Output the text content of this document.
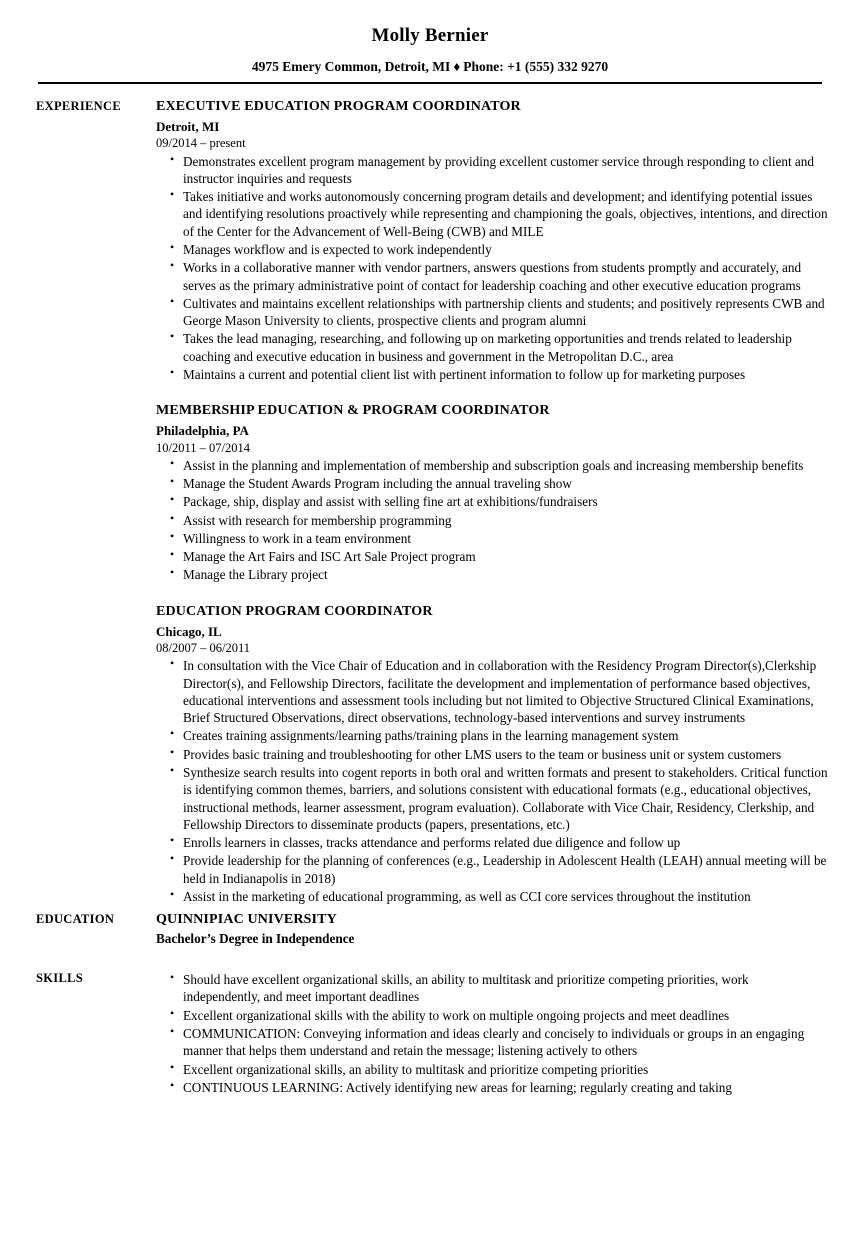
Molly Bernier
4975 Emery Common, Detroit, MI ♦ Phone: +1 (555) 332 9270
EXPERIENCE	EXECUTIVE EDUCATION PROGRAM COORDINATOR
Detroit, MI
09/2014 – present
• Demonstrates excellent program management by providing excellent customer service through responding to client and instructor inquiries and requests
• Takes initiative and works autonomously concerning program details and development; and identifying potential issues and identifying resolutions proactively while representing and championing the goals, objectives, intentions, and direction of the Center for the Advancement of Well-Being (CWB) and MILE
• Manages workflow and is expected to work independently
• Works in a collaborative manner with vendor partners, answers questions from students promptly and accurately, and serves as the primary administrative point of contact for leadership coaching and other executive education programs
• Cultivates and maintains excellent relationships with partnership clients and students; and positively represents CWB and George Mason University to clients, prospective clients and program alumni
• Takes the lead managing, researching, and following up on marketing opportunities and trends related to leadership coaching and executive education in business and government in the Metropolitan D.C., area
• Maintains a current and potential client list with pertinent information to follow up for marketing purposes
MEMBERSHIP EDUCATION & PROGRAM COORDINATOR
Philadelphia, PA
10/2011 – 07/2014
• Assist in the planning and implementation of membership and subscription goals and increasing membership benefits
• Manage the Student Awards Program including the annual traveling show
• Package, ship, display and assist with selling fine art at exhibitions/fundraisers
• Assist with research for membership programming
• Willingness to work in a team environment
• Manage the Art Fairs and ISC Art Sale Project program
• Manage the Library project
EDUCATION PROGRAM COORDINATOR
Chicago, IL
08/2007 – 06/2011
• In consultation with the Vice Chair of Education and in collaboration with the Residency Program Director(s),Clerkship Director(s), and Fellowship Directors, facilitate the development and implementation of performance based objectives, educational interventions and assessment tools including but not limited to Objective Structured Clinical Examinations, Brief Structured Observations, direct observations, technology-based interventions and survey instruments
• Creates training assignments/learning paths/training plans in the learning management system
• Provides basic training and troubleshooting for other LMS users to the team or business unit or system customers
• Synthesize search results into cogent reports in both oral and written formats and present to stakeholders. Critical function is identifying common themes, barriers, and solutions consistent with educational formats (e.g., educational objectives, instructional methods, learner assessment, program evaluation). Collaborate with Vice Chair, Residency, Clerkship, and Fellowship Directors to disseminate products (papers, presentations, etc.)
• Enrolls learners in classes, tracks attendance and performs related due diligence and follow up
• Provide leadership for the planning of conferences (e.g., Leadership in Adolescent Health (LEAH) annual meeting will be held in Indianapolis in 2018)
• Assist in the marketing of educational programming, as well as CCI core services throughout the institution
EDUCATION	QUINNIPIAC UNIVERSITY
Bachelor’s Degree in Independence
SKILLS	• Should have excellent organizational skills, an ability to multitask and prioritize competing priorities, work independently, and meet important deadlines
• Excellent organizational skills with the ability to work on multiple ongoing projects and meet deadlines
• COMMUNICATION: Conveying information and ideas clearly and concisely to individuals or groups in an engaging manner that helps them understand and retain the message; listening actively to others
• Excellent organizational skills, an ability to multitask and prioritize competing priorities
• CONTINUOUS LEARNING: Actively identifying new areas for learning; regularly creating and taking
